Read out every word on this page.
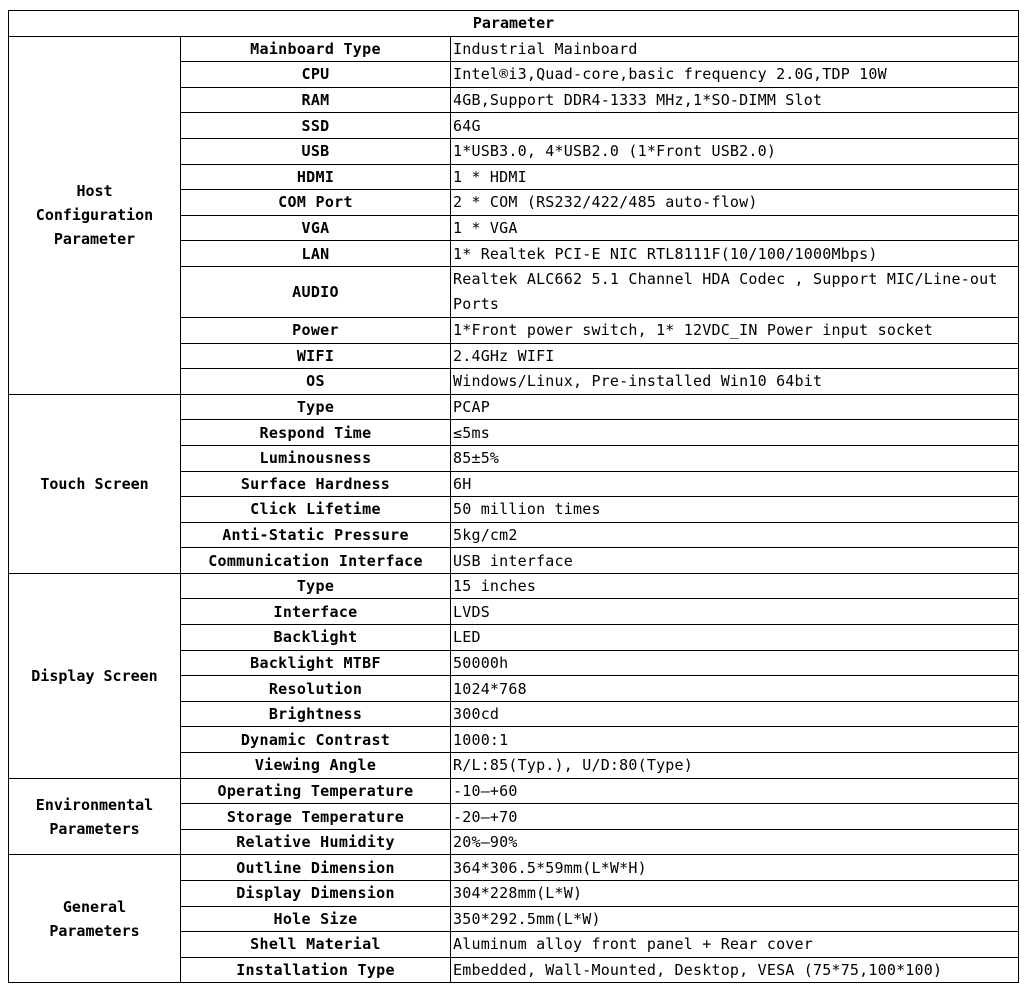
Parameter		
Host
Configuration
Parameter	Mainboard Type	Industrial Mainboard
	CPU	Intel®i3,Quad-core,basic frequency 2.0G,TDP 10W
	RAM	4GB,Support DDR4-1333 MHz,1*SO-DIMM Slot
	SSD	64G
	USB	1*USB3.0, 4*USB2.0 (1*Front USB2.0)
	HDMI	1 * HDMI
	COM Port	2 * COM (RS232/422/485 auto-flow)
	VGA	1 * VGA
	LAN	1* Realtek PCI-E NIC RTL8111F(10/100/1000Mbps)
	AUDIO	Realtek ALC662 5.1 Channel HDA Codec , Support MIC/Line-out Ports
	Power	1*Front power switch, 1* 12VDC_IN Power input socket
	WIFI	2.4GHz WIFI
	OS	Windows/Linux, Pre-installed Win10 64bit
Touch Screen	Type	PCAP
	Respond Time	≤5ms
	Luminousness	85±5%
	Surface Hardness	6H
	Click Lifetime	50 million times
	Anti-Static Pressure	5kg/cm2
	Communication Interface	USB interface
Display Screen	Type	15 inches
	Interface	LVDS
	Backlight	LED
	Backlight MTBF	50000h
	Resolution	1024*768
	Brightness	300cd
	Dynamic Contrast	1000:1
	Viewing Angle	R/L:85(Typ.), U/D:80(Type)
Environmental
Parameters	Operating Temperature	-10—+60
	Storage Temperature	-20—+70
	Relative Humidity	20%—90%
General
Parameters	Outline Dimension	364*306.5*59mm(L*W*H)
	Display Dimension	304*228mm(L*W)
	Hole Size	350*292.5mm(L*W)
	Shell Material	Aluminum alloy front panel + Rear cover
	Installation Type	Embedded, Wall-Mounted, Desktop, VESA (75*75,100*100)
